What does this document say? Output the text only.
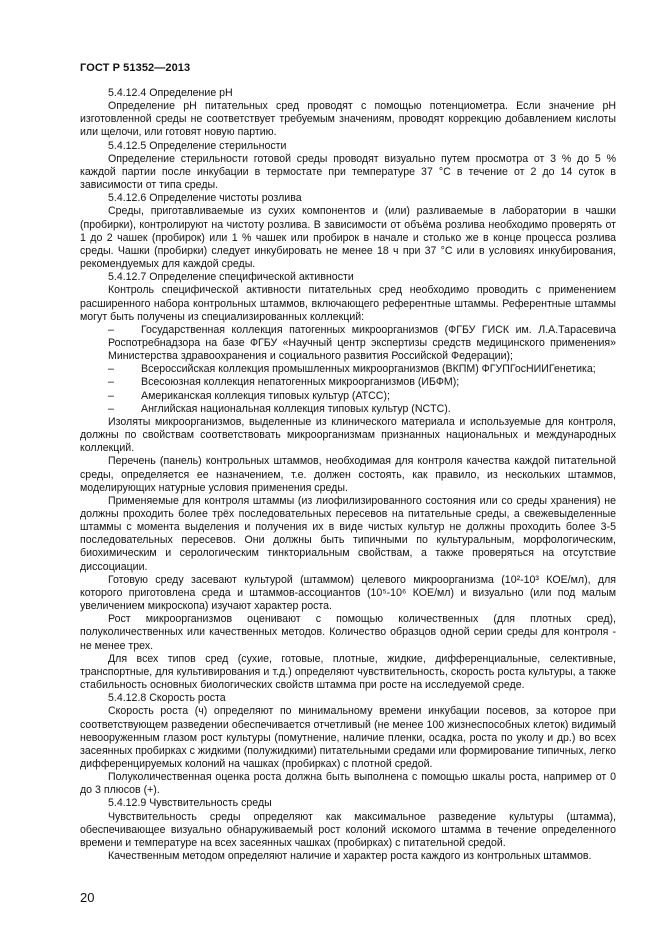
ГОСТ Р 51352—2013
5.4.12.4 Определение рН
Определение рН питательных сред проводят с помощью потенциометра. Если значение рН изготовленной среды не соответствует требуемым значениям, проводят коррекцию добавлением кислоты или щелочи, или готовят новую партию.
5.4.12.5 Определение стерильности
Определение стерильности готовой среды проводят визуально путем просмотра от 3 % до 5 % каждой партии после инкубации в термостате при температуре 37 °С в течение от 2 до 14 суток в зависимости от типа среды.
5.4.12.6 Определение чистоты розлива
Среды, приготавливаемые из сухих компонентов и (или) разливаемые в лаборатории в чашки (пробирки), контролируют на чистоту розлива. В зависимости от объёма розлива необходимо проверять от 1 до 2 чашек (пробирок) или 1 % чашек или пробирок в начале и столько же в конце процесса розлива среды. Чашки (пробирки) следует инкубировать не менее 18 ч при 37 °С или в условиях инкубирования, рекомендуемых для каждой среды.
5.4.12.7 Определение специфической активности
Контроль специфической активности питательных сред необходимо проводить с применением расширенного набора контрольных штаммов, включающего референтные штаммы. Референтные штаммы могут быть получены из специализированных коллекций:
–	Государственная коллекция патогенных микроорганизмов (ФГБУ ГИСК им. Л.А.Тарасевича Роспотребнадзора на базе ФГБУ «Научный центр экспертизы средств медицинского применения» Министерства здравоохранения и социального развития Российской Федерации);
–	Всероссийская коллекция промышленных микроорганизмов (ВКПМ) ФГУПГосНИИГенетика;
–	Всесоюзная коллекция непатогенных микроорганизмов (ИБФМ);
–	Американская коллекция типовых культур (АТСС);
–	Английская национальная коллекция типовых культур (NCTC).
Изоляты микроорганизмов, выделенные из клинического материала и используемые для контроля, должны по свойствам соответствовать микроорганизмам признанных национальных и международных коллекций.
Перечень (панель) контрольных штаммов, необходимая для контроля качества каждой питательной среды, определяется ее назначением, т.е. должен состоять, как правило, из нескольких штаммов, моделирующих натурные условия применения среды.
Применяемые для контроля штаммы (из лиофилизированного состояния или со среды хранения) не должны проходить более трёх последовательных пересевов на питательные среды, а свежевыделенные штаммы с момента выделения и получения их в виде чистых культур не должны проходить более 3-5 последовательных пересевов. Они должны быть типичными по культуральным, морфологическим, биохимическим и серологическим тинкториальным свойствам, а также проверяться на отсутствие диссоциации.
Готовую среду засевают культурой (штаммом) целевого микроорганизма (10²-10³ КОЕ/мл), для которого приготовлена среда и штаммов-ассоциантов (10⁵-10⁶ КОЕ/мл) и визуально (или под малым увеличением микроскопа) изучают характер роста.
Рост микроорганизмов оценивают с помощью количественных (для плотных сред), полуколичественных или качественных методов. Количество образцов одной серии среды для контроля - не менее трех.
Для всех типов сред (сухие, готовые, плотные, жидкие, дифференциальные, селективные, транспортные, для культивирования и т.д.) определяют чувствительность, скорость роста культуры, а также стабильность основных биологических свойств штамма при росте на исследуемой среде.
5.4.12.8 Скорость роста
Скорость роста (ч) определяют по минимальному времени инкубации посевов, за которое при соответствующем разведении обеспечивается отчетливый (не менее 100 жизнеспособных клеток) видимый невооруженным глазом рост культуры (помутнение, наличие пленки, осадка, роста по уколу и др.) во всех засеянных пробирках с жидкими (полужидкими) питательными средами или формирование типичных, легко дифференцируемых колоний на чашках (пробирках) с плотной средой.
Полуколичественная оценка роста должна быть выполнена с помощью шкалы роста, например от 0 до 3 плюсов (+).
5.4.12.9 Чувствительность среды
Чувствительность среды определяют как максимальное разведение культуры (штамма), обеспечивающее визуально обнаруживаемый рост колоний искомого штамма в течение определенного времени и температуре на всех засеянных чашках (пробирках) с питательной средой.
Качественным методом определяют наличие и характер роста каждого из контрольных штаммов.
20
